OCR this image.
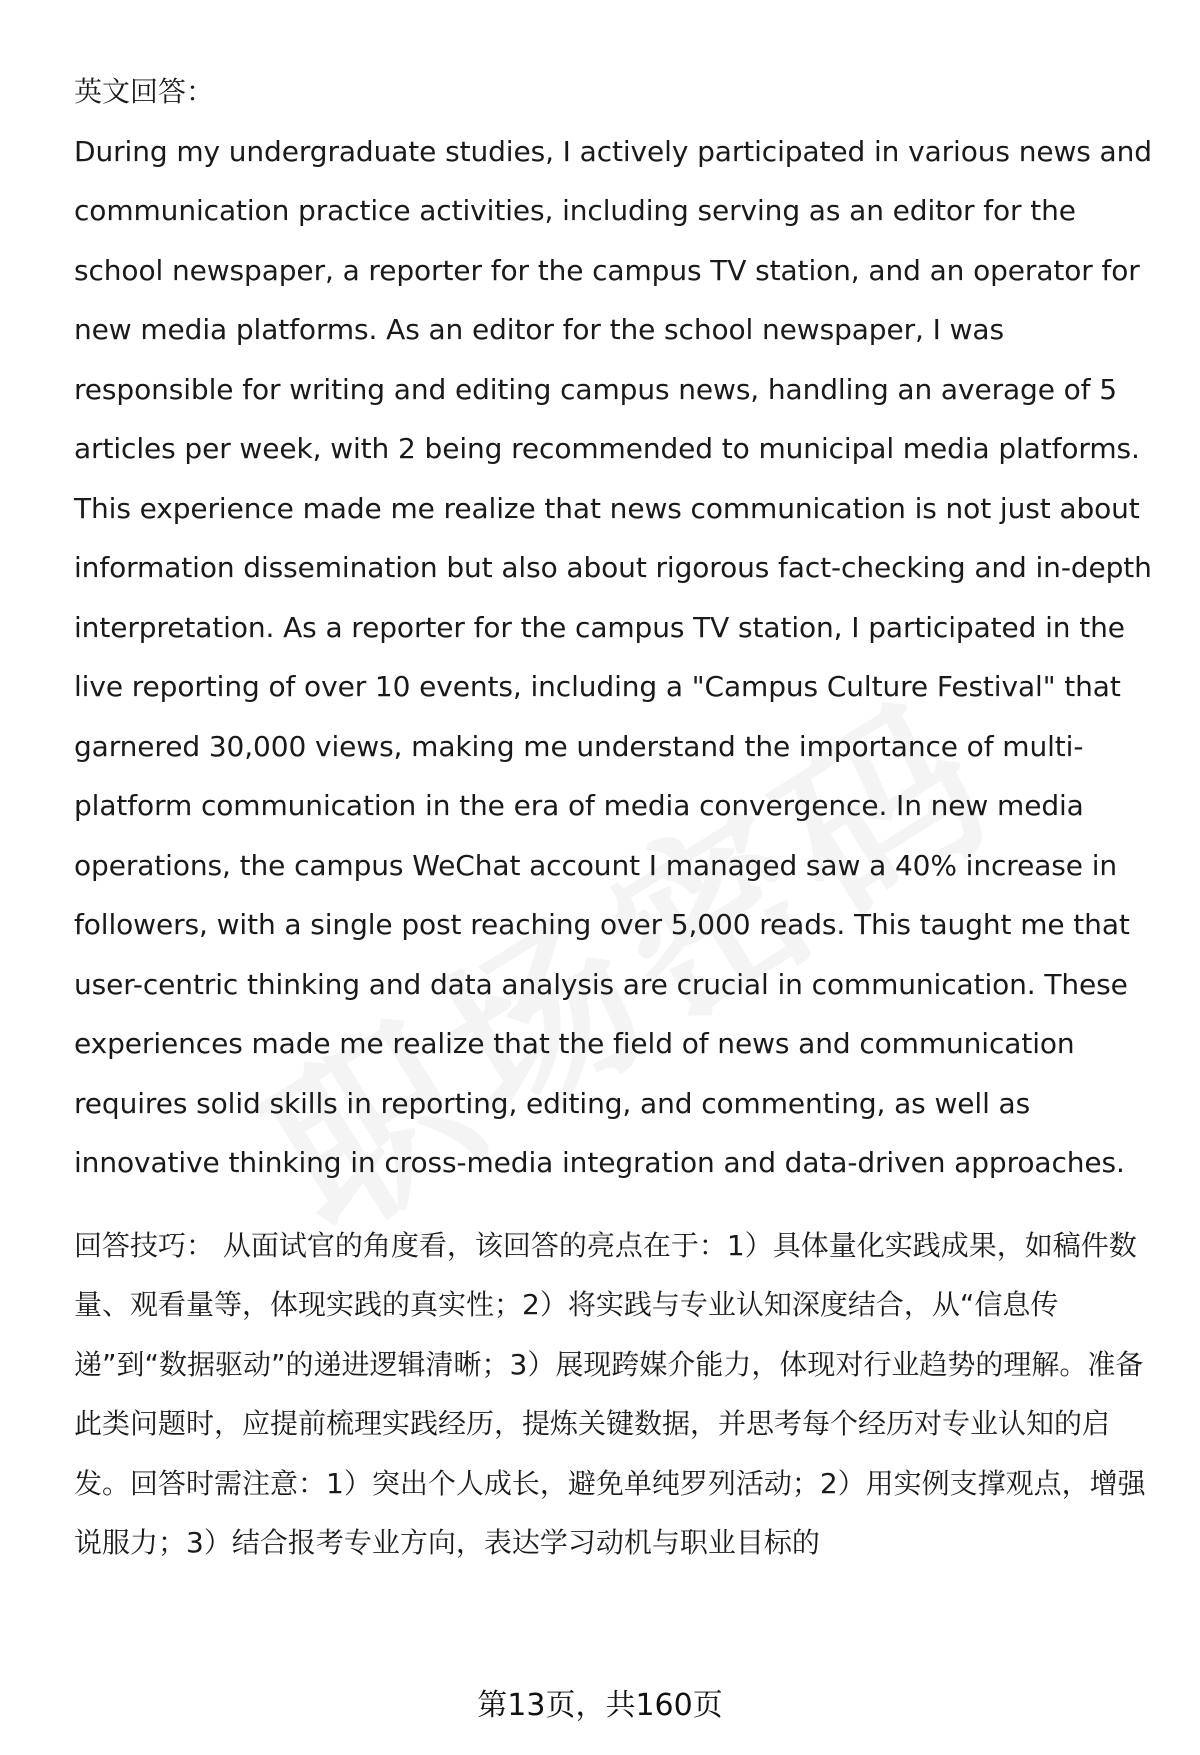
英文回答：

During my undergraduate studies, I actively participated in various news and communication practice activities, including serving as an editor for the school newspaper, a reporter for the campus TV station, and an operator for new media platforms. As an editor for the school newspaper, I was responsible for writing and editing campus news, handling an average of 5 articles per week, with 2 being recommended to municipal media platforms. This experience made me realize that news communication is not just about information dissemination but also about rigorous fact-checking and in-depth interpretation. As a reporter for the campus TV station, I participated in the live reporting of over 10 events, including a "Campus Culture Festival" that garnered 30,000 views, making me understand the importance of multi-platform communication in the era of media convergence. In new media operations, the campus WeChat account I managed saw a 40% increase in followers, with a single post reaching over 5,000 reads. This taught me that user-centric thinking and data analysis are crucial in communication. These experiences made me realize that the field of news and communication requires solid skills in reporting, editing, and commenting, as well as innovative thinking in cross-media integration and data-driven approaches.

回答技巧： 从面试官的角度看，该回答的亮点在于：1）具体量化实践成果，如稿件数量、观看量等，体现实践的真实性；2）将实践与专业认知深度结合，从“信息传递”到“数据驱动”的递进逻辑清晰；3）展现跨媒介能力，体现对行业趋势的理解。准备此类问题时，应提前梳理实践经历，提炼关键数据，并思考每个经历对专业认知的启发。回答时需注意：1）突出个人成长，避免单纯罗列活动；2）用实例支撑观点，增强说服力；3）结合报考专业方向，表达学习动机与职业目标的

第13页，共160页
